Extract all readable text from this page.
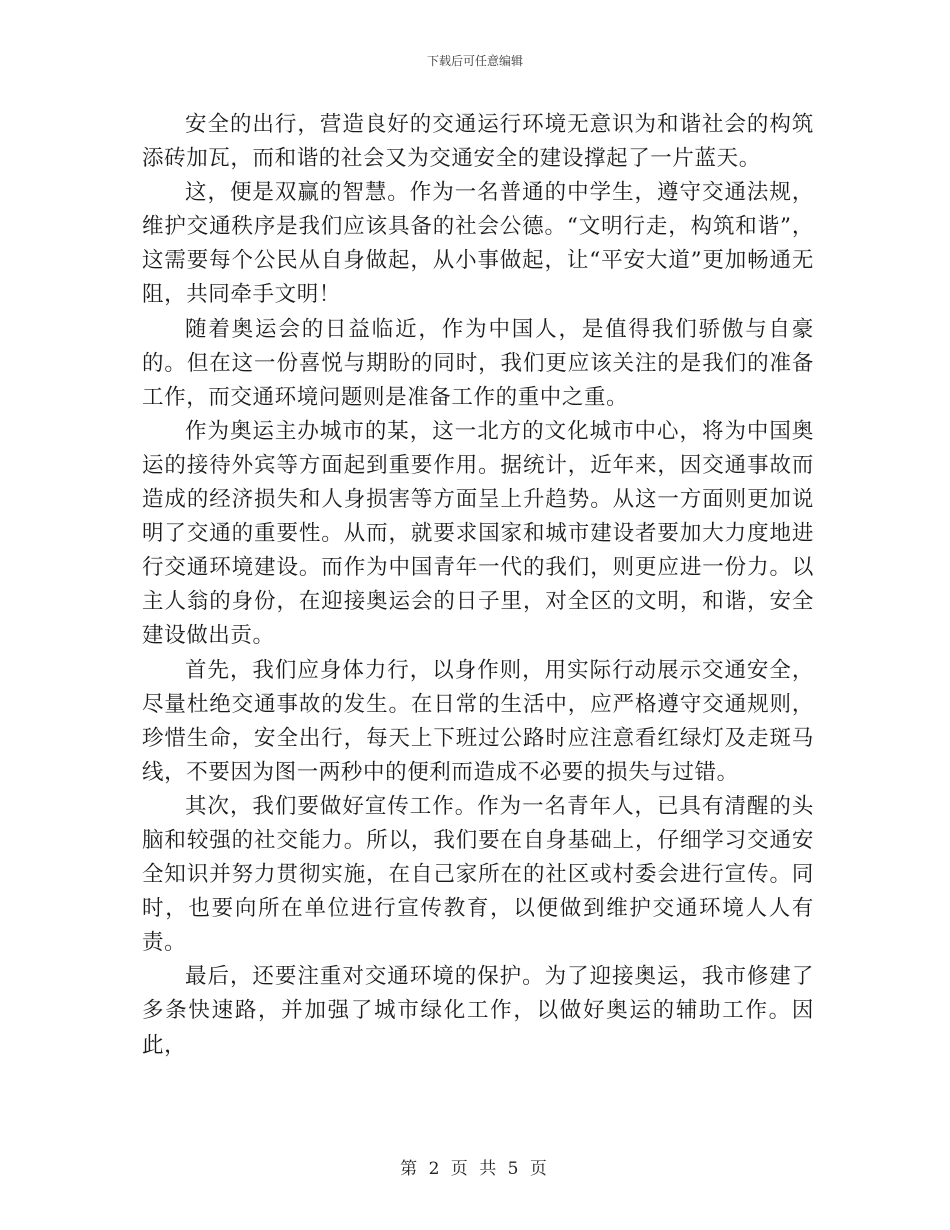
下载后可任意编辑

安全的出行，营造良好的交通运行环境无意识为和谐社会的构筑添砖加瓦，而和谐的社会又为交通安全的建设撑起了一片蓝天。

这，便是双赢的智慧。作为一名普通的中学生，遵守交通法规，维护交通秩序是我们应该具备的社会公德。“文明行走，构筑和谐”，这需要每个公民从自身做起，从小事做起，让“平安大道”更加畅通无阻，共同牵手文明！

随着奥运会的日益临近，作为中国人，是值得我们骄傲与自豪的。但在这一份喜悦与期盼的同时，我们更应该关注的是我们的准备工作，而交通环境问题则是准备工作的重中之重。

作为奥运主办城市的某，这一北方的文化城市中心，将为中国奥运的接待外宾等方面起到重要作用。据统计，近年来，因交通事故而造成的经济损失和人身损害等方面呈上升趋势。从这一方面则更加说明了交通的重要性。从而，就要求国家和城市建设者要加大力度地进行交通环境建设。而作为中国青年一代的我们，则更应进一份力。以主人翁的身份，在迎接奥运会的日子里，对全区的文明，和谐，安全建设做出贡。

首先，我们应身体力行，以身作则，用实际行动展示交通安全，尽量杜绝交通事故的发生。在日常的生活中，应严格遵守交通规则，珍惜生命，安全出行，每天上下班过公路时应注意看红绿灯及走斑马线，不要因为图一两秒中的便利而造成不必要的损失与过错。

其次，我们要做好宣传工作。作为一名青年人，已具有清醒的头脑和较强的社交能力。所以，我们要在自身基础上，仔细学习交通安全知识并努力贯彻实施，在自己家所在的社区或村委会进行宣传。同时，也要向所在单位进行宣传教育，以便做到维护交通环境人人有责。

最后，还要注重对交通环境的保护。为了迎接奥运，我市修建了多条快速路，并加强了城市绿化工作，以做好奥运的辅助工作。因此，

第 2 页 共 5 页
